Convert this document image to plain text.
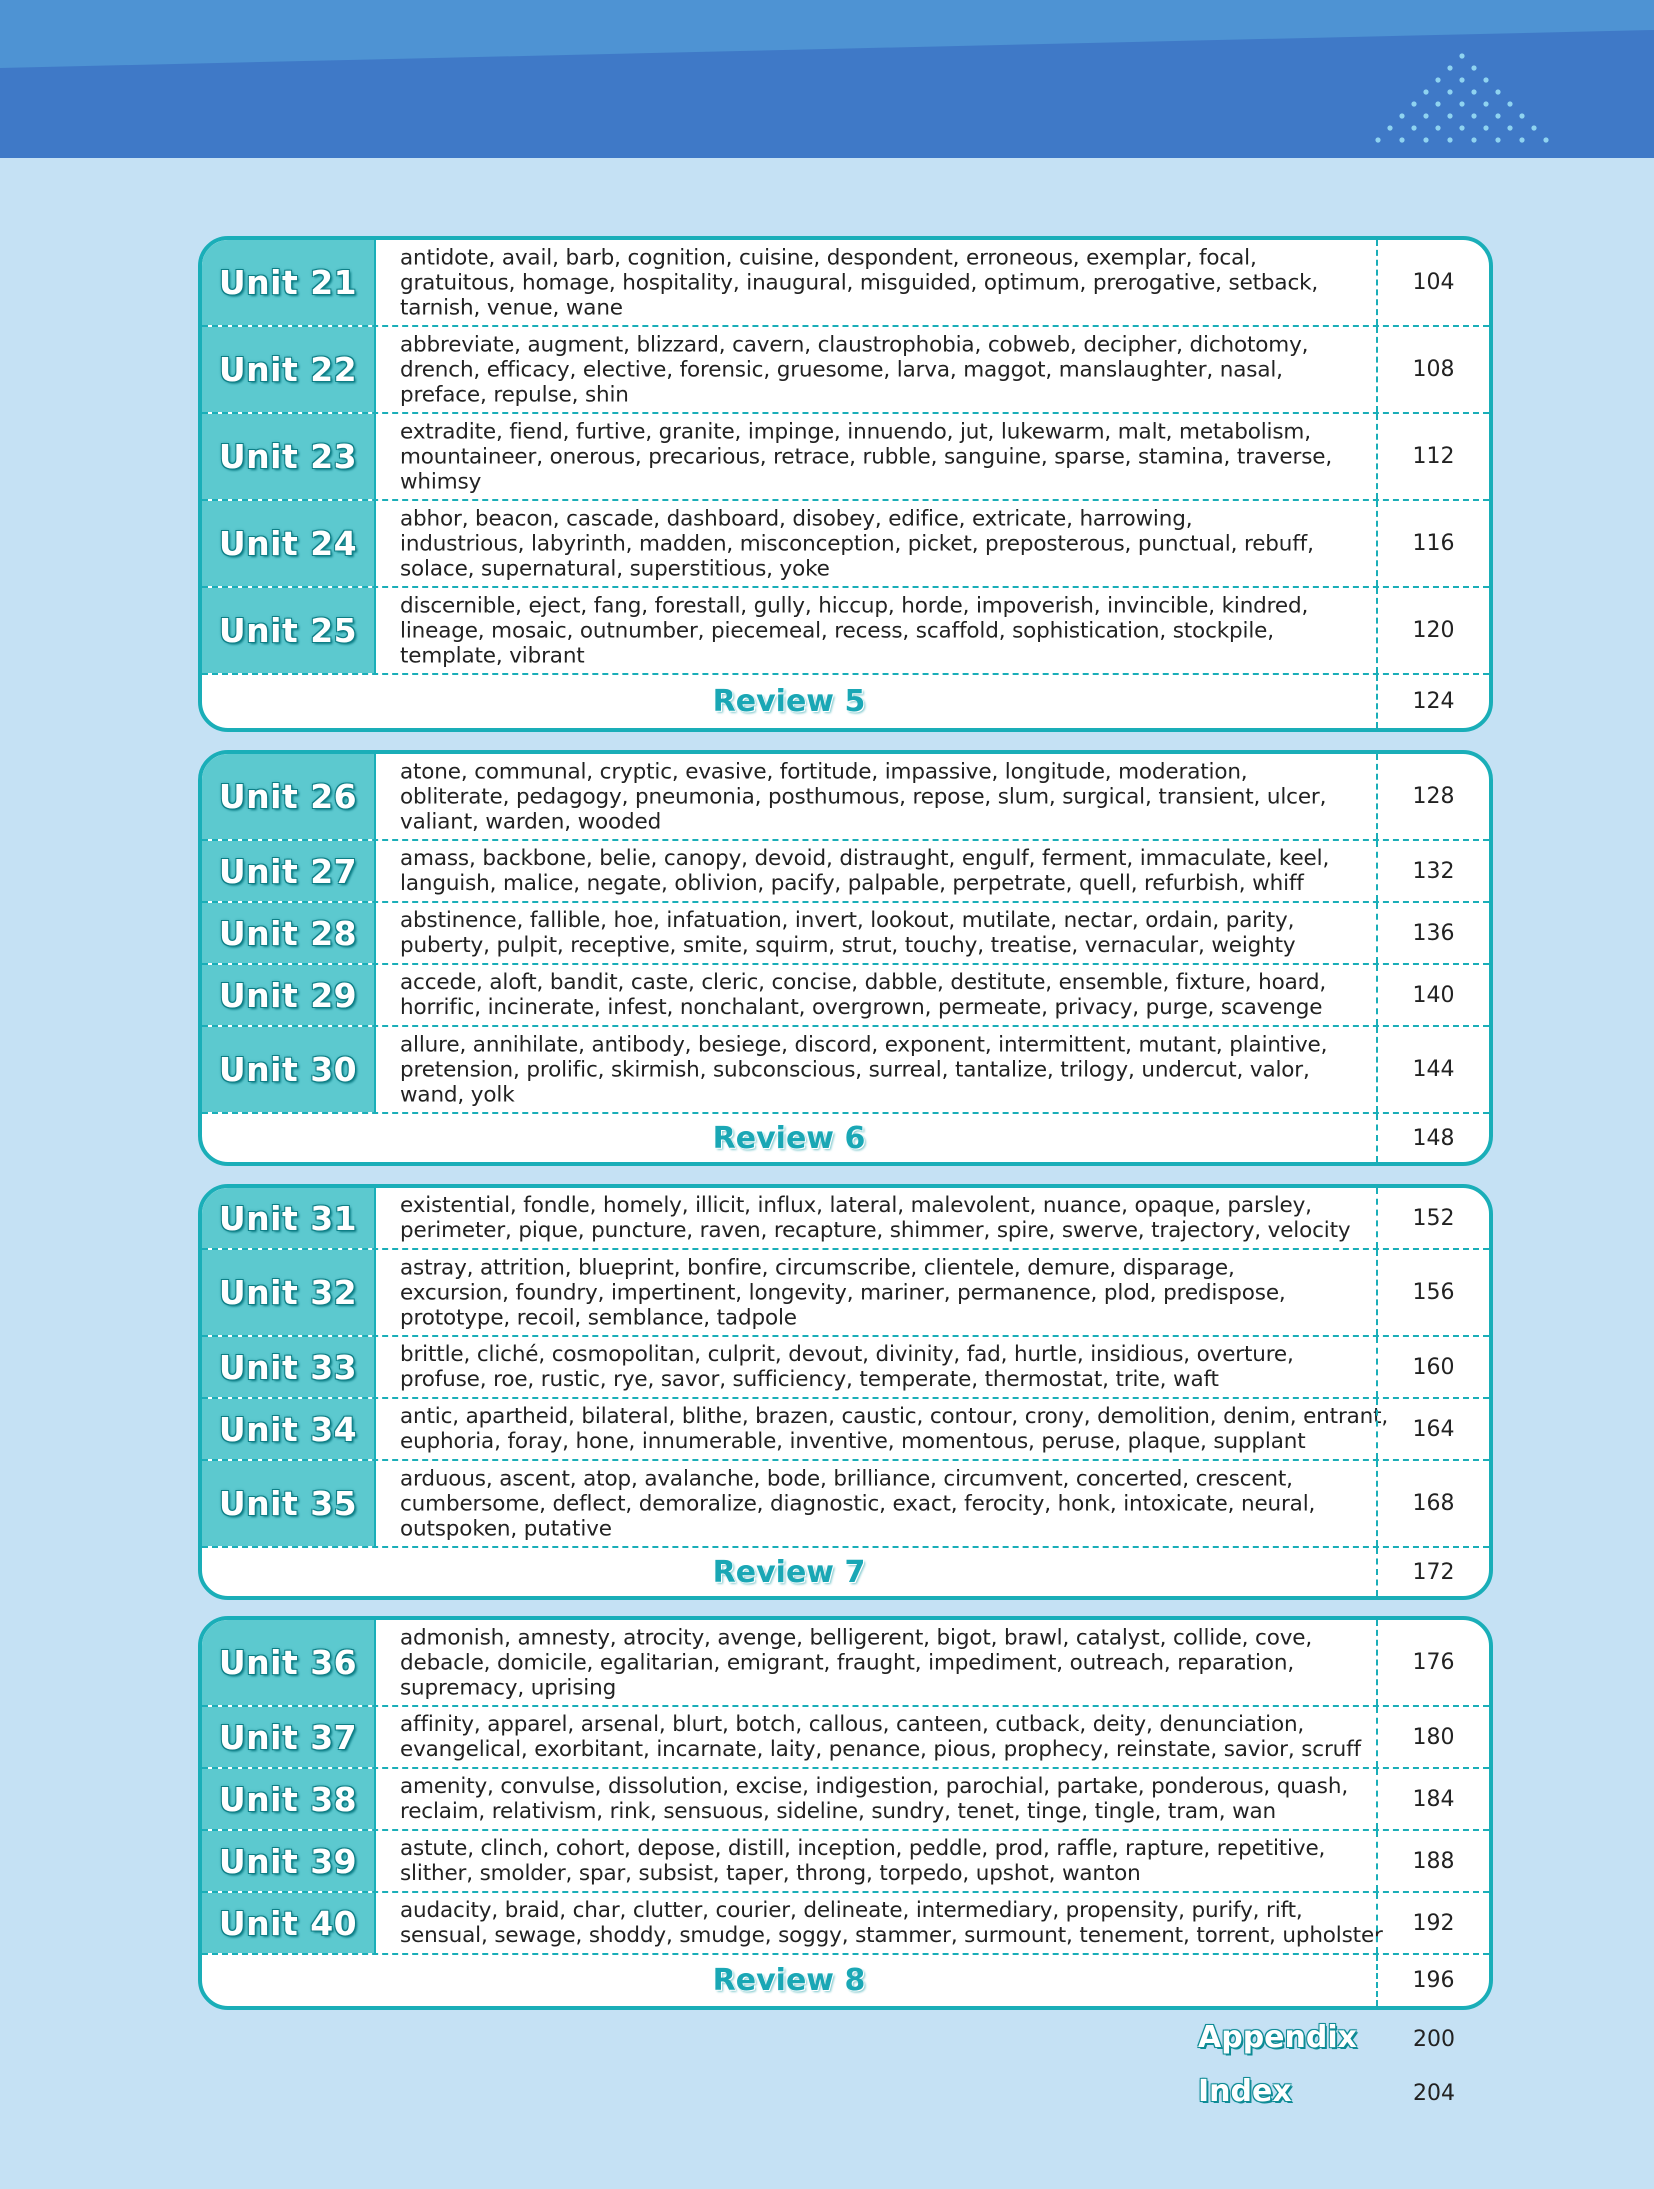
Unit 21
antidote, avail, barb, cognition, cuisine, despondent, erroneous, exemplar, focal,
gratuitous, homage, hospitality, inaugural, misguided, optimum, prerogative, setback,
tarnish, venue, wane
104
Unit 22
abbreviate, augment, blizzard, cavern, claustrophobia, cobweb, decipher, dichotomy,
drench, efficacy, elective, forensic, gruesome, larva, maggot, manslaughter, nasal,
preface, repulse, shin
108
Unit 23
extradite, fiend, furtive, granite, impinge, innuendo, jut, lukewarm, malt, metabolism,
mountaineer, onerous, precarious, retrace, rubble, sanguine, sparse, stamina, traverse,
whimsy
112
Unit 24
abhor, beacon, cascade, dashboard, disobey, edifice, extricate, harrowing,
industrious, labyrinth, madden, misconception, picket, preposterous, punctual, rebuff,
solace, supernatural, superstitious, yoke
116
Unit 25
discernible, eject, fang, forestall, gully, hiccup, horde, impoverish, invincible, kindred,
lineage, mosaic, outnumber, piecemeal, recess, scaffold, sophistication, stockpile,
template, vibrant
120
Review 5	124
Unit 26
atone, communal, cryptic, evasive, fortitude, impassive, longitude, moderation,
obliterate, pedagogy, pneumonia, posthumous, repose, slum, surgical, transient, ulcer,
valiant, warden, wooded
128
Unit 27	amass, backbone, belie, canopy, devoid, distraught, engulf, ferment, immaculate, keel,
languish, malice, negate, oblivion, pacify, palpable, perpetrate, quell, refurbish, whiff	132
Unit 28	abstinence, fallible, hoe, infatuation, invert, lookout, mutilate, nectar, ordain, parity,
puberty, pulpit, receptive, smite, squirm, strut, touchy, treatise, vernacular, weighty	136
Unit 29	accede, aloft, bandit, caste, cleric, concise, dabble, destitute, ensemble, fixture, hoard,
horrific, incinerate, infest, nonchalant, overgrown, permeate, privacy, purge, scavenge	140
Unit 30
allure, annihilate, antibody, besiege, discord, exponent, intermittent, mutant, plaintive,
pretension, prolific, skirmish, subconscious, surreal, tantalize, trilogy, undercut, valor,
wand, yolk
144
Review 6	148
Unit 31	existential, fondle, homely, illicit, influx, lateral, malevolent, nuance, opaque, parsley,
perimeter, pique, puncture, raven, recapture, shimmer, spire, swerve, trajectory, velocity	152
Unit 32
astray, attrition, blueprint, bonfire, circumscribe, clientele, demure, disparage,
excursion, foundry, impertinent, longevity, mariner, permanence, plod, predispose,
prototype, recoil, semblance, tadpole
156
Unit 33	brittle, cliché, cosmopolitan, culprit, devout, divinity, fad, hurtle, insidious, overture,
profuse, roe, rustic, rye, savor, sufficiency, temperate, thermostat, trite, waft	160
Unit 34	antic, apartheid, bilateral, blithe, brazen, caustic, contour, crony, demolition, denim, entrant,
euphoria, foray, hone, innumerable, inventive, momentous, peruse, plaque, supplant	164
Unit 35
arduous, ascent, atop, avalanche, bode, brilliance, circumvent, concerted, crescent,
cumbersome, deflect, demoralize, diagnostic, exact, ferocity, honk, intoxicate, neural,
outspoken, putative
168
Review 7	172
Unit 36
admonish, amnesty, atrocity, avenge, belligerent, bigot, brawl, catalyst, collide, cove,
debacle, domicile, egalitarian, emigrant, fraught, impediment, outreach, reparation,
supremacy, uprising
176
Unit 37	affinity, apparel, arsenal, blurt, botch, callous, canteen, cutback, deity, denunciation,
evangelical, exorbitant, incarnate, laity, penance, pious, prophecy, reinstate, savior, scruff	180
Unit 38	amenity, convulse, dissolution, excise, indigestion, parochial, partake, ponderous, quash,
reclaim, relativism, rink, sensuous, sideline, sundry, tenet, tinge, tingle, tram, wan	184
Unit 39	astute, clinch, cohort, depose, distill, inception, peddle, prod, raffle, rapture, repetitive,
slither, smolder, spar, subsist, taper, throng, torpedo, upshot, wanton	188
Unit 40	audacity, braid, char, clutter, courier, delineate, intermediary, propensity, purify, rift,
sensual, sewage, shoddy, smudge, soggy, stammer, surmount, tenement, torrent, upholster	192
Review 8	196
Appendix	200
Index	204
